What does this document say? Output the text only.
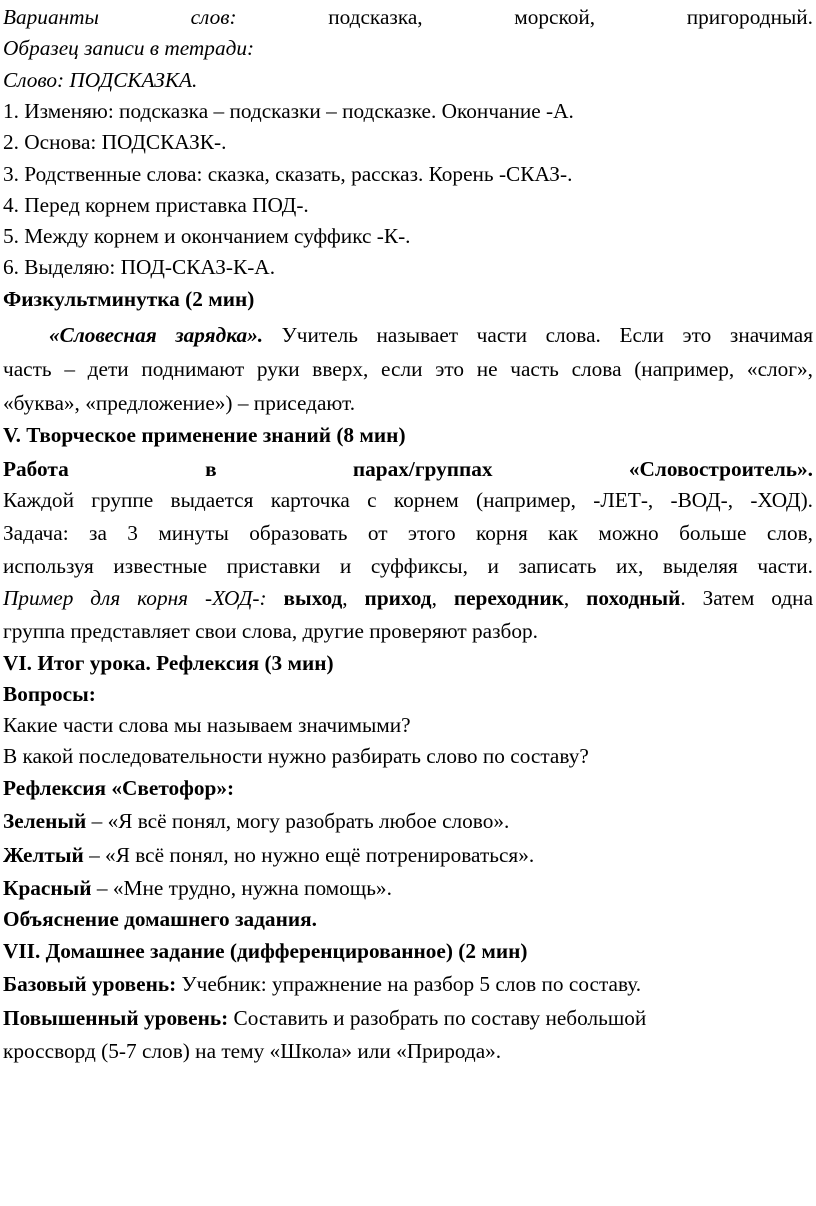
Варианты слов:	подсказка,	морской,	пригородный.
Образец записи в тетради:
Слово: ПОДСКАЗКА.
1. Изменяю: подсказка – подсказки – подсказке. Окончание -А.
2. Основа: ПОДСКАЗК-.
3. Родственные слова: сказка, сказать, рассказ. Корень -СКАЗ-.
4. Перед корнем приставка ПОД-.
5. Между корнем и окончанием суффикс -К-.
6. Выделяю: ПОД-СКАЗ-К-А.
Физкультминутка (2 мин)
«Словесная зарядка». Учитель называет части слова. Если это значимая
часть – дети поднимают руки вверх, если это не часть слова (например, «слог»,
«буква», «предложение») – приседают.
V. Творческое применение знаний (8 мин)
Работа	в	парах/группах	«Словостроитель».
Каждой группе выдается карточка с корнем (например, -ЛЕТ-, -ВОД-, -ХОД).
Задача: за 3 минуты образовать от этого корня как можно больше слов,
используя известные приставки и суффиксы, и записать их, выделяя части.
Пример для корня -ХОД-: выход, приход, переходник, походный. Затем одна
группа представляет свои слова, другие проверяют разбор.
VI. Итог урока. Рефлексия (3 мин)
Вопросы:
Какие части слова мы называем значимыми?
В какой последовательности нужно разбирать слово по составу?
Рефлексия «Светофор»:
Зеленый – «Я всё понял, могу разобрать любое слово».
Желтый – «Я всё понял, но нужно ещё потренироваться».
Красный – «Мне трудно, нужна помощь».
Объяснение домашнего задания.
VII. Домашнее задание (дифференцированное) (2 мин)
Базовый уровень: Учебник: упражнение на разбор 5 слов по составу.
Повышенный уровень: Составить и разобрать по составу небольшой
кроссворд (5-7 слов) на тему «Школа» или «Природа».
